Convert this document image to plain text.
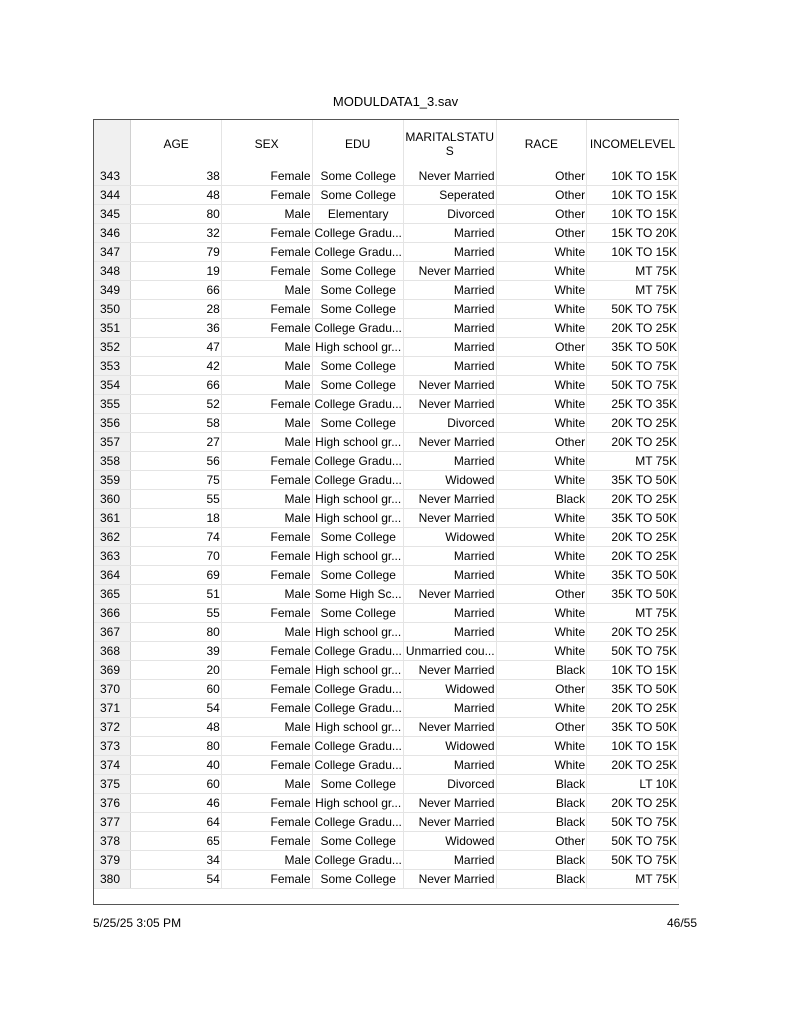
MODULDATA1_3.sav
	AGE	SEX	EDU	MARITALSTATUS	RACE	INCOMELEVEL
343	38	Female	Some College	Never Married	Other	10K TO 15K
344	48	Female	Some College	Seperated	Other	10K TO 15K
345	80	Male	Elementary	Divorced	Other	10K TO 15K
346	32	Female	College Gradu...	Married	Other	15K TO 20K
347	79	Female	College Gradu...	Married	White	10K TO 15K
348	19	Female	Some College	Never Married	White	MT 75K
349	66	Male	Some College	Married	White	MT 75K
350	28	Female	Some College	Married	White	50K TO 75K
351	36	Female	College Gradu...	Married	White	20K TO 25K
352	47	Male	High school gr...	Married	Other	35K TO 50K
353	42	Male	Some College	Married	White	50K TO 75K
354	66	Male	Some College	Never Married	White	50K TO 75K
355	52	Female	College Gradu...	Never Married	White	25K TO 35K
356	58	Male	Some College	Divorced	White	20K TO 25K
357	27	Male	High school gr...	Never Married	Other	20K TO 25K
358	56	Female	College Gradu...	Married	White	MT 75K
359	75	Female	College Gradu...	Widowed	White	35K TO 50K
360	55	Male	High school gr...	Never Married	Black	20K TO 25K
361	18	Male	High school gr...	Never Married	White	35K TO 50K
362	74	Female	Some College	Widowed	White	20K TO 25K
363	70	Female	High school gr...	Married	White	20K TO 25K
364	69	Female	Some College	Married	White	35K TO 50K
365	51	Male	Some High Sc...	Never Married	Other	35K TO 50K
366	55	Female	Some College	Married	White	MT 75K
367	80	Male	High school gr...	Married	White	20K TO 25K
368	39	Female	College Gradu...	Unmarried cou...	White	50K TO 75K
369	20	Female	High school gr...	Never Married	Black	10K TO 15K
370	60	Female	College Gradu...	Widowed	Other	35K TO 50K
371	54	Female	College Gradu...	Married	White	20K TO 25K
372	48	Male	High school gr...	Never Married	Other	35K TO 50K
373	80	Female	College Gradu...	Widowed	White	10K TO 15K
374	40	Female	College Gradu...	Married	White	20K TO 25K
375	60	Male	Some College	Divorced	Black	LT 10K
376	46	Female	High school gr...	Never Married	Black	20K TO 25K
377	64	Female	College Gradu...	Never Married	Black	50K TO 75K
378	65	Female	Some College	Widowed	Other	50K TO 75K
379	34	Male	College Gradu...	Married	Black	50K TO 75K
380	54	Female	Some College	Never Married	Black	MT 75K
5/25/25 3:05 PM	46/55
